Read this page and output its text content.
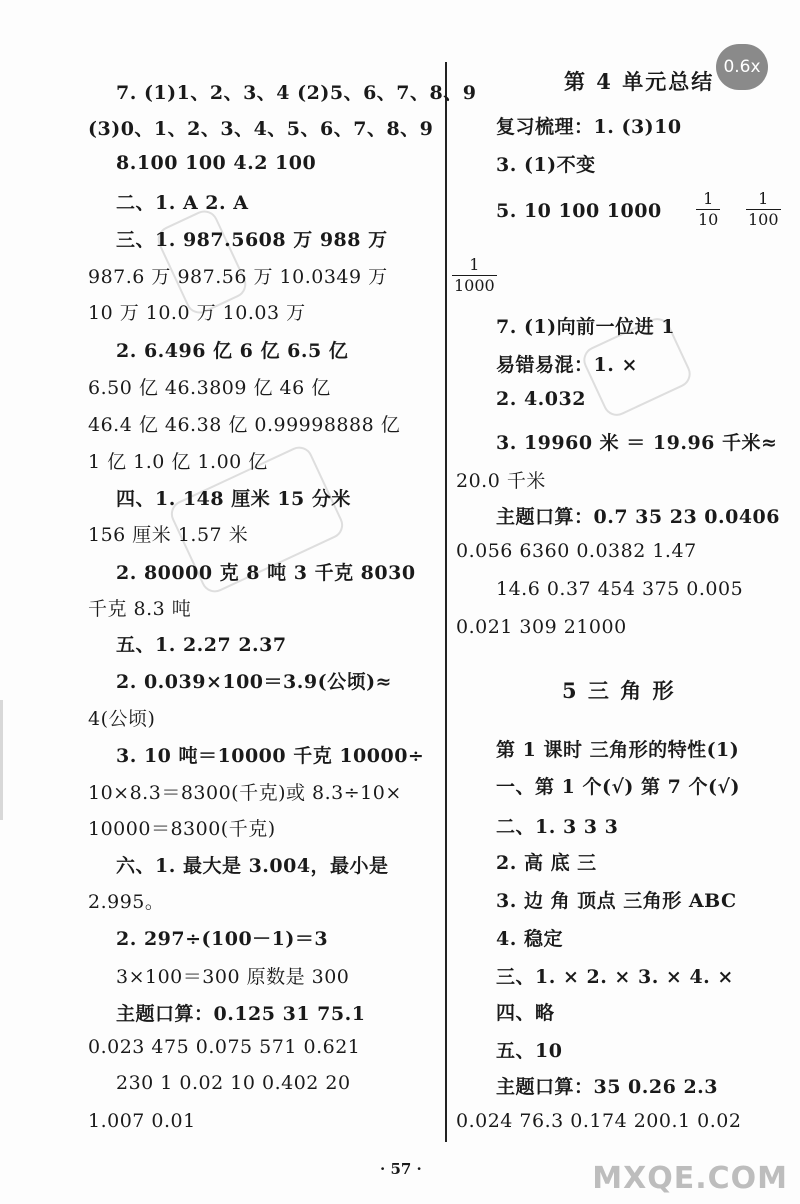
0.6x
7. (1)1、2、3、4 (2)5、6、7、8、9
(3)0、1、2、3、4、5、6、7、8、9
8.100 100 4.2 100
二、1. A 2. A
三、1. 987.5608 万 988 万
987.6 万 987.56 万 10.0349 万
10 万 10.0 万 10.03 万
2. 6.496 亿 6 亿 6.5 亿
6.50 亿 46.3809 亿 46 亿
46.4 亿 46.38 亿 0.99998888 亿
1 亿 1.0 亿 1.00 亿
四、1. 148 厘米 15 分米
156 厘米 1.57 米
2. 80000 克 8 吨 3 千克 8030
千克 8.3 吨
五、1. 2.27 2.37
2. 0.039×100＝3.9(公顷)≈
4(公顷)
3. 10 吨＝10000 千克 10000÷
10×8.3＝8300(千克)或 8.3÷10×
10000＝8300(千克)
六、1. 最大是 3.004，最小是
2.995。
2. 297÷(100－1)＝3
3×100＝300 原数是 300
主题口算：0.125 31 75.1
0.023 475 0.075 571 0.621
230 1 0.02 10 0.402 20
1.007 0.01
第 4 单元总结
复习梳理：1. (3)10
3. (1)不变
5. 10 100 1000
1
10
1
100
1
1000
7. (1)向前一位进 1
易错易混：1. ×
2. 4.032
3. 19960 米 ＝ 19.96 千米≈
20.0 千米
主题口算：0.7 35 23 0.0406
0.056 6360 0.0382 1.47
14.6 0.37 454 375 0.005
0.021 309 21000
5 三 角 形
第 1 课时 三角形的特性(1)
一、第 1 个(√) 第 7 个(√)
二、1. 3 3 3
2. 高 底 三
3. 边 角 顶点 三角形 ABC
4. 稳定
三、1. × 2. × 3. × 4. ×
四、略
五、10
主题口算：35 0.26 2.3
0.024 76.3 0.174 200.1 0.02
· 57 ·	MXQE.COM
